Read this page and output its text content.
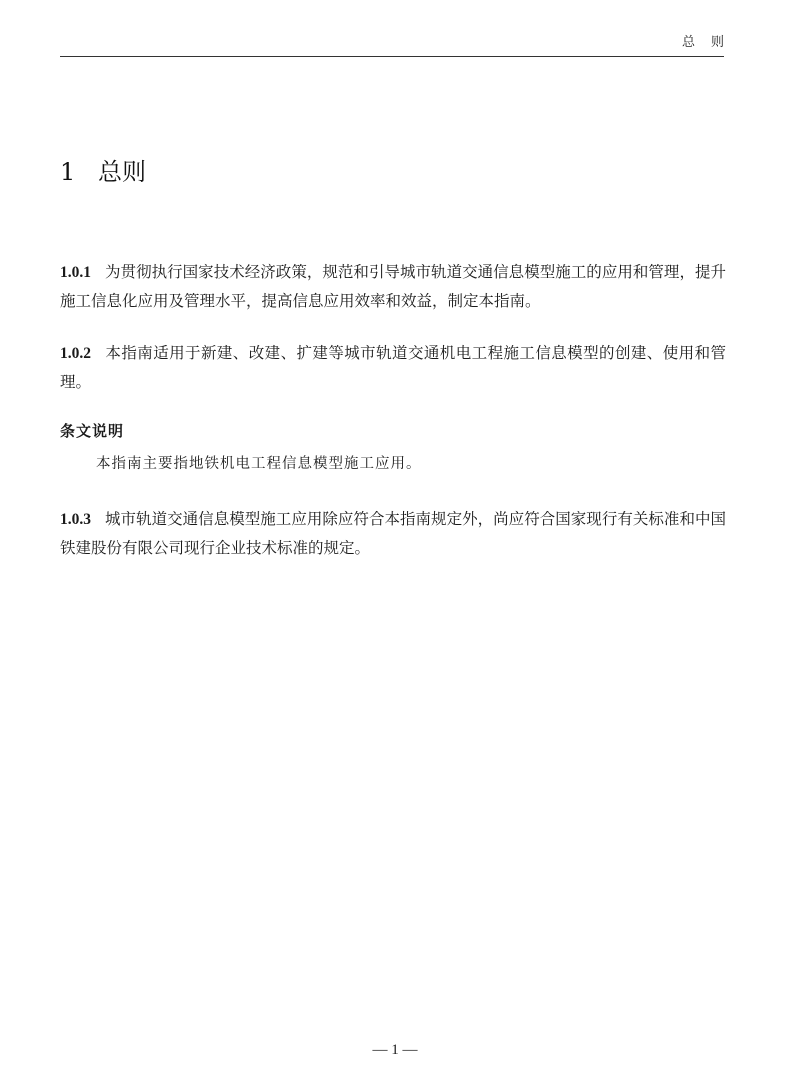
总则
1 总则
1.0.1 为贯彻执行国家技术经济政策，规范和引导城市轨道交通信息模型施工的应用和管理，提升施工信息化应用及管理水平，提高信息应用效率和效益，制定本指南。
1.0.2 本指南适用于新建、改建、扩建等城市轨道交通机电工程施工信息模型的创建、使用和管理。
条文说明
本指南主要指地铁机电工程信息模型施工应用。
1.0.3 城市轨道交通信息模型施工应用除应符合本指南规定外，尚应符合国家现行有关标准和中国铁建股份有限公司现行企业技术标准的规定。
— 1 —
